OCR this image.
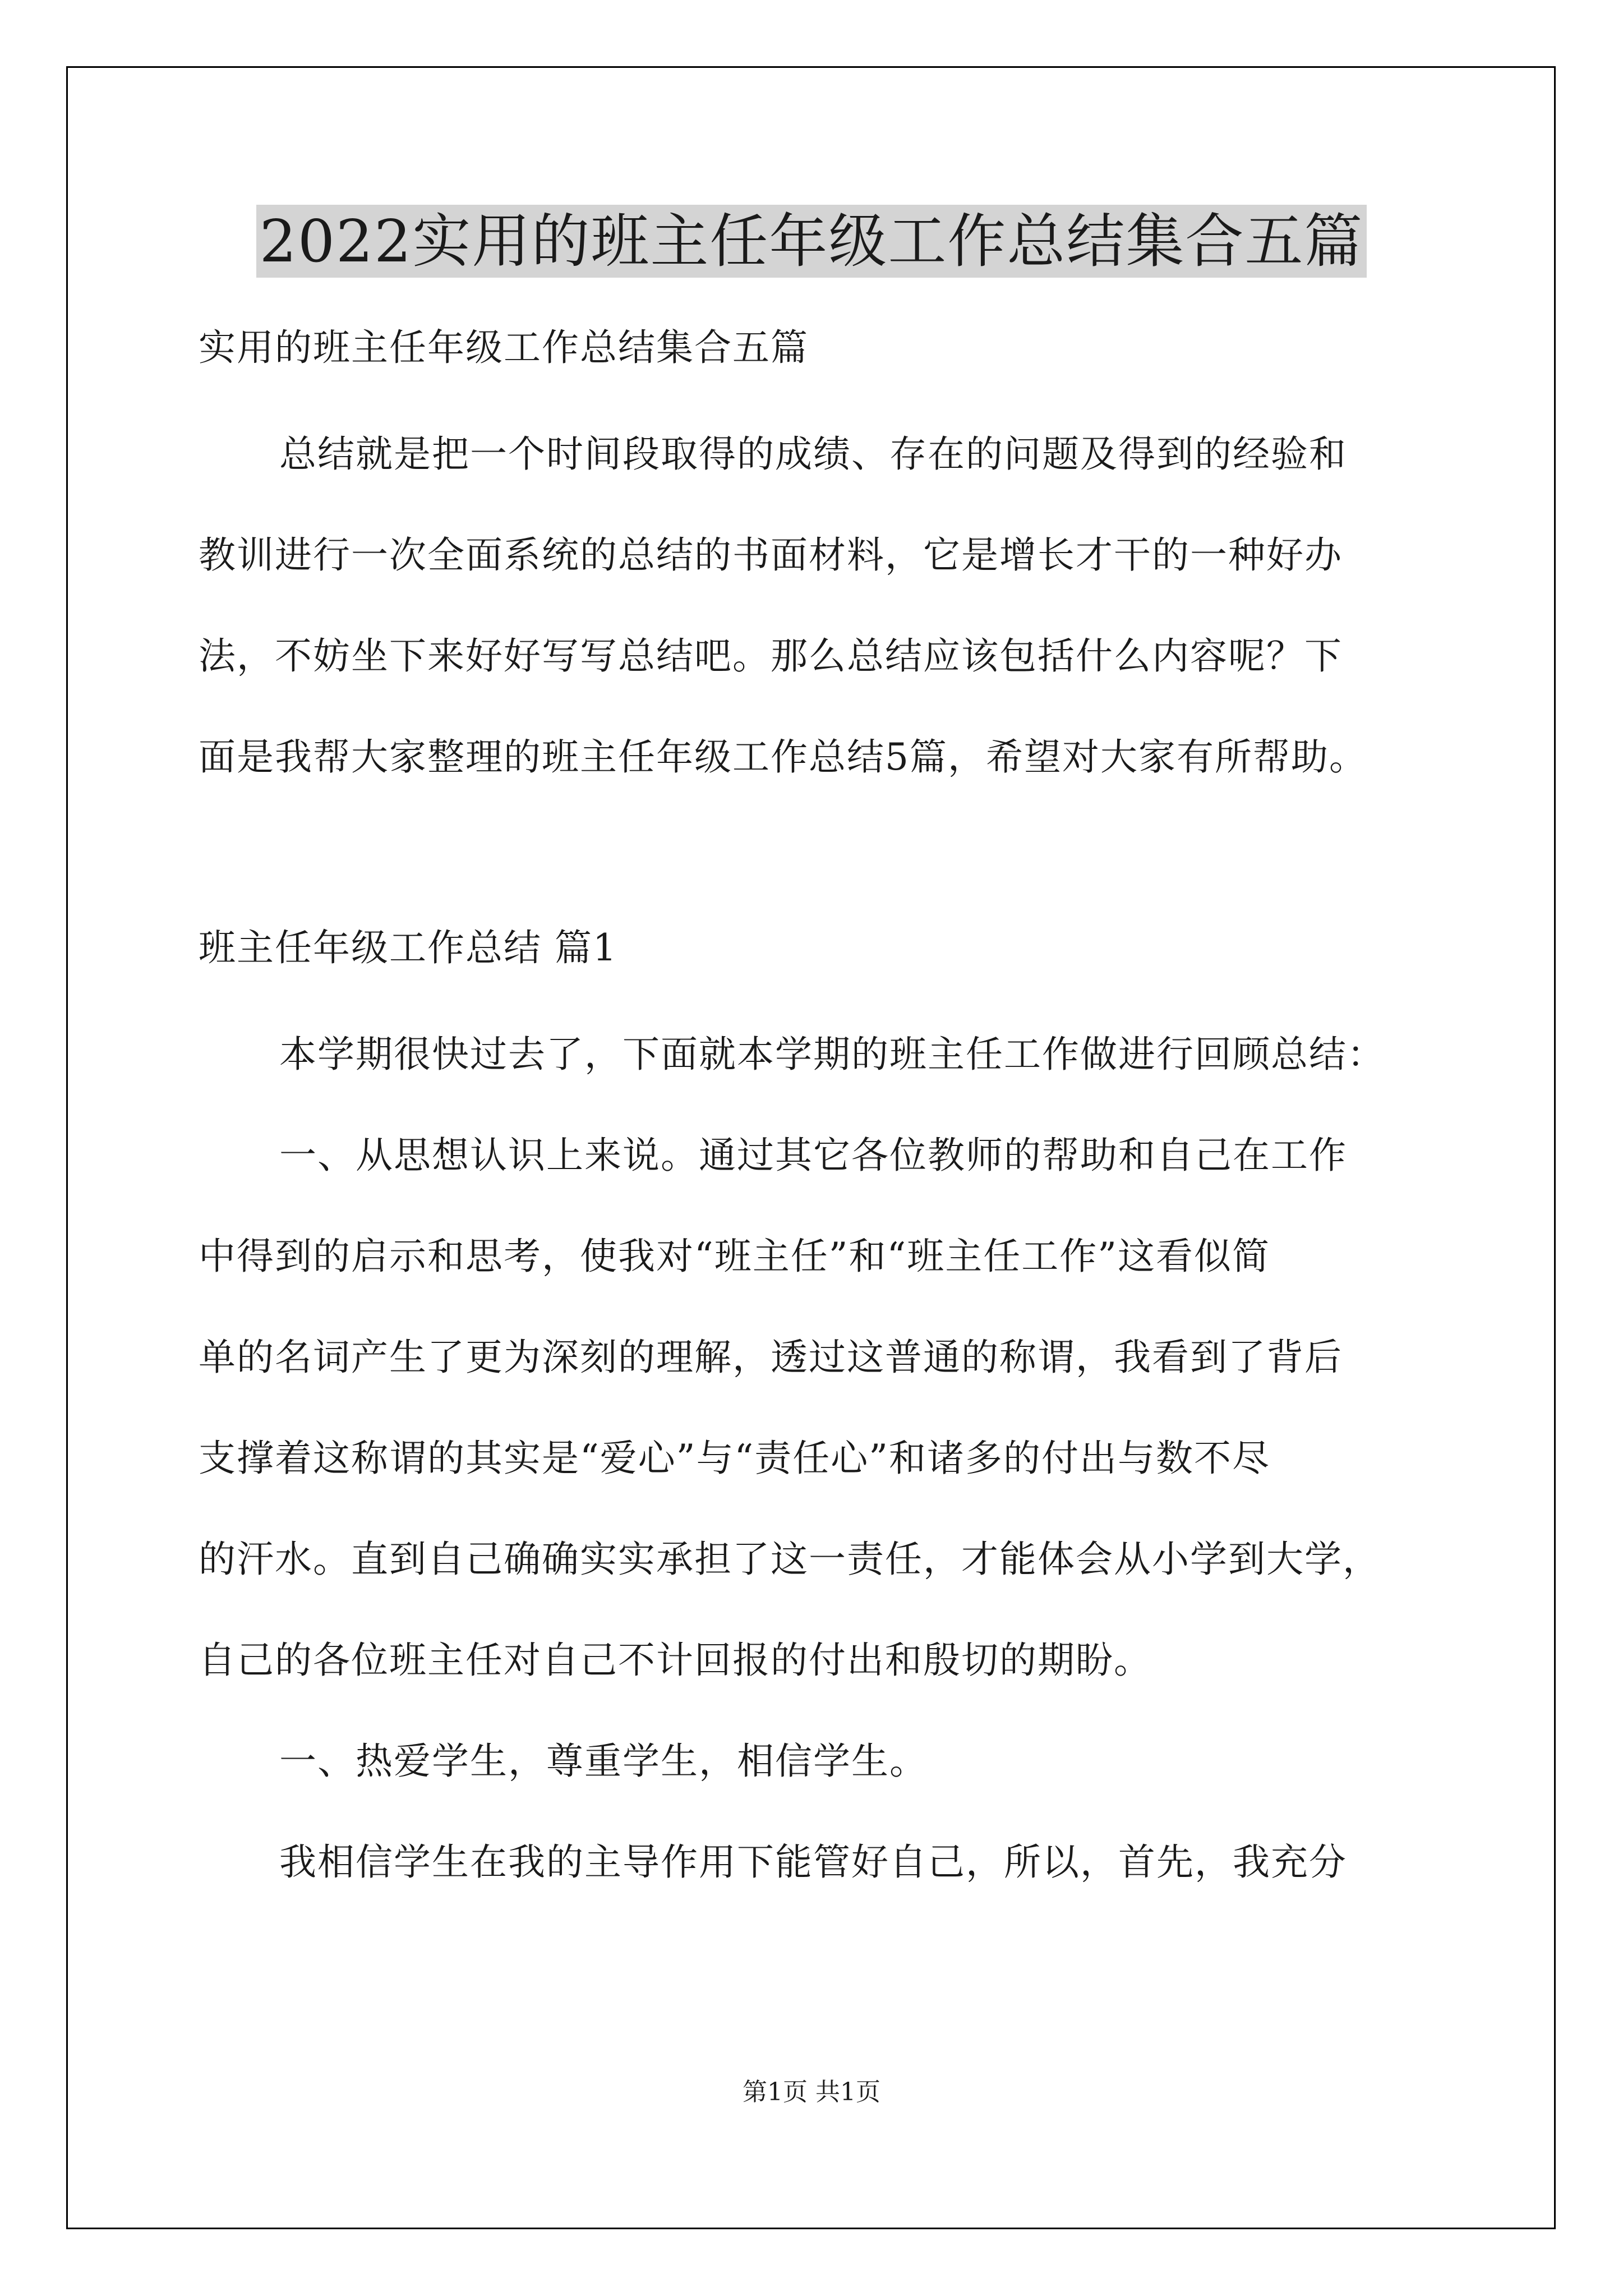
2022实用的班主任年级工作总结集合五篇

实用的班主任年级工作总结集合五篇

总结就是把一个时间段取得的成绩、存在的问题及得到的经验和

教训进行一次全面系统的总结的书面材料，它是增长才干的一种好办

法，不妨坐下来好好写写总结吧。那么总结应该包括什么内容呢？下

面是我帮大家整理的班主任年级工作总结5篇，希望对大家有所帮助。

班主任年级工作总结 篇1

本学期很快过去了，下面就本学期的班主任工作做进行回顾总结：

一、从思想认识上来说。通过其它各位教师的帮助和自己在工作

中得到的启示和思考，使我对“班主任”和“班主任工作”这看似简

单的名词产生了更为深刻的理解，透过这普通的称谓，我看到了背后

支撑着这称谓的其实是“爱心”与“责任心”和诸多的付出与数不尽

的汗水。直到自己确确实实承担了这一责任，才能体会从小学到大学，

自己的各位班主任对自己不计回报的付出和殷切的期盼。

一、热爱学生，尊重学生，相信学生。

我相信学生在我的主导作用下能管好自己，所以，首先，我充分

第1页 共1页
